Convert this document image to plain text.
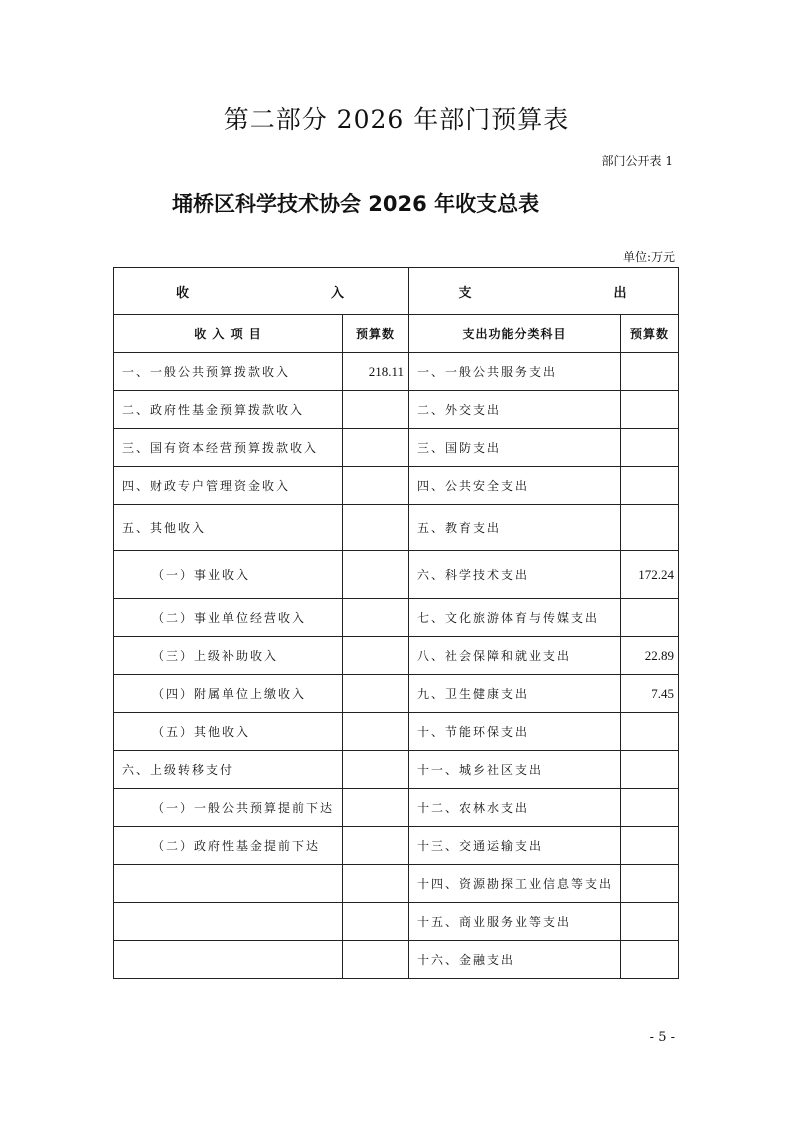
第二部分 2026 年部门预算表
部门公开表 1
埇桥区科学技术协会 2026 年收支总表
单位:万元
收 入		支 出	
收 入 项 目	预算数	支出功能分类科目	预算数
一、一般公共预算拨款收入	218.11	一、一般公共服务支出	
二、政府性基金预算拨款收入		二、外交支出	
三、国有资本经营预算拨款收入		三、国防支出	
四、财政专户管理资金收入		四、公共安全支出	
五、其他收入		五、教育支出	
（一）事业收入		六、科学技术支出	172.24
（二）事业单位经营收入		七、文化旅游体育与传媒支出	
（三）上级补助收入		八、社会保障和就业支出	22.89
（四）附属单位上缴收入		九、卫生健康支出	7.45
（五）其他收入		十、节能环保支出	
六、上级转移支付		十一、城乡社区支出	
（一）一般公共预算提前下达		十二、农林水支出	
（二）政府性基金提前下达		十三、交通运输支出	
		十四、资源勘探工业信息等支出	
		十五、商业服务业等支出	
		十六、金融支出	
- 5 -
